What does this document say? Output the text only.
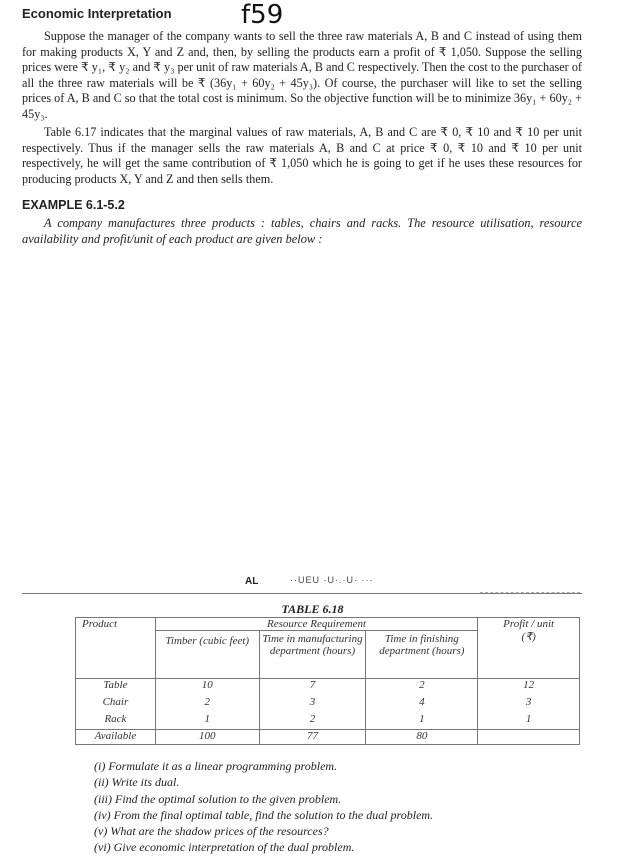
Economic Interpretation	f59

Suppose the manager of the company wants to sell the three raw materials A, B and C instead of using them for making products X, Y and Z and, then, by selling the products earn a profit of ₹ 1,050. Suppose the selling prices were ₹ y₁, ₹ y₂ and ₹ y₃ per unit of raw materials A, B and C respectively. Then the cost to the purchaser of all the three raw materials will be ₹ (36y₁ + 60y₂ + 45y₃). Of course, the purchaser will like to set the selling prices of A, B and C so that the total cost is minimum. So the objective function will be to minimize 36y₁ + 60y₂ + 45y₃.

Table 6.17 indicates that the marginal values of raw materials, A, B and C are ₹ 0, ₹ 10 and ₹ 10 per unit respectively. Thus if the manager sells the raw materials A, B and C at price ₹ 0, ₹ 10 and ₹ 10 per unit respectively, he will get the same contribution of ₹ 1,050 which he is going to get if he uses these resources for producing products X, Y and Z and then sells them.

EXAMPLE 6.1-5.2

A company manufactures three products : tables, chairs and racks. The resource utilisation, resource availability and profit/unit of each product are given below :

AL	··UEU ·U·.·U· ···
TABLE 6.18
Product	Resource Requirement			Profit / unit
(₹)

	Timber (cubic feet)	Time in manufacturing department (hours)	Time in finishing department (hours)	
Table	10	7	2	12
Chair	2	3	4	3
Rack	1	2	1	1
Available	100	77	80	
(i) Formulate it as a linear programming problem.
(ii) Write its dual.
(iii) Find the optimal solution to the given problem.
(iv) From the final optimal table, find the solution to the dual problem.
(v) What are the shadow prices of the resources?
(vi) Give economic interpretation of the dual problem.
